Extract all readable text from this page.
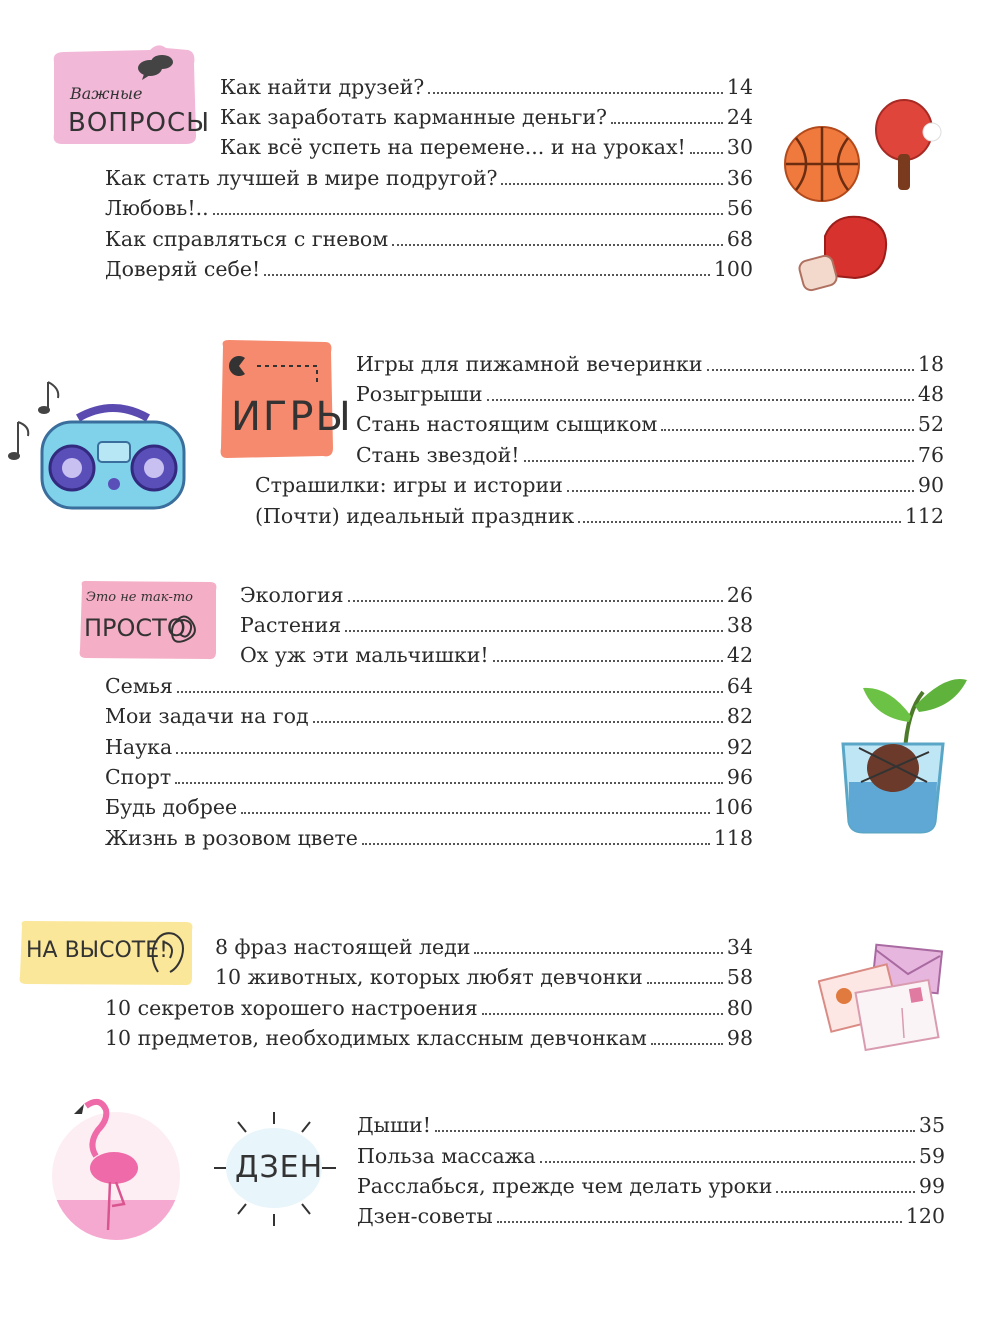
Важные
ВОПРОСЫ
Как найти друзей?	14
Как заработать карманные деньги?	24
Как всё успеть на перемене... и на уроках! 30
Как стать лучшей в мире подругой?	36
Любовь!..	56
Как справляться с гневом	68
Доверяй себе!	100
ИГРЫ
Игры для пижамной вечеринки	18
Розыгрыши	48
Стань настоящим сыщиком	52
Стань звездой!	76
Страшилки: игры и истории	90
(Почти) идеальный праздник	112
Это не так-то
ПРОСТО
Экология	26
Растения	38
Ох уж эти мальчишки!	42
Семья	64
Мои задачи на год	82
Наука	92
Спорт	96
Будь добрее	106
Жизнь в розовом цвете	118
НА ВЫСОТЕ! 8 фраз настоящей леди	34
10 животных, которых любят девчонки	58
10 секретов хорошего настроения	80
10 предметов, необходимых классным девчонкам	98
ДЗЕН
Дыши!	35
Польза массажа	59
Расслабься, прежде чем делать уроки	99
Дзен-советы	120
